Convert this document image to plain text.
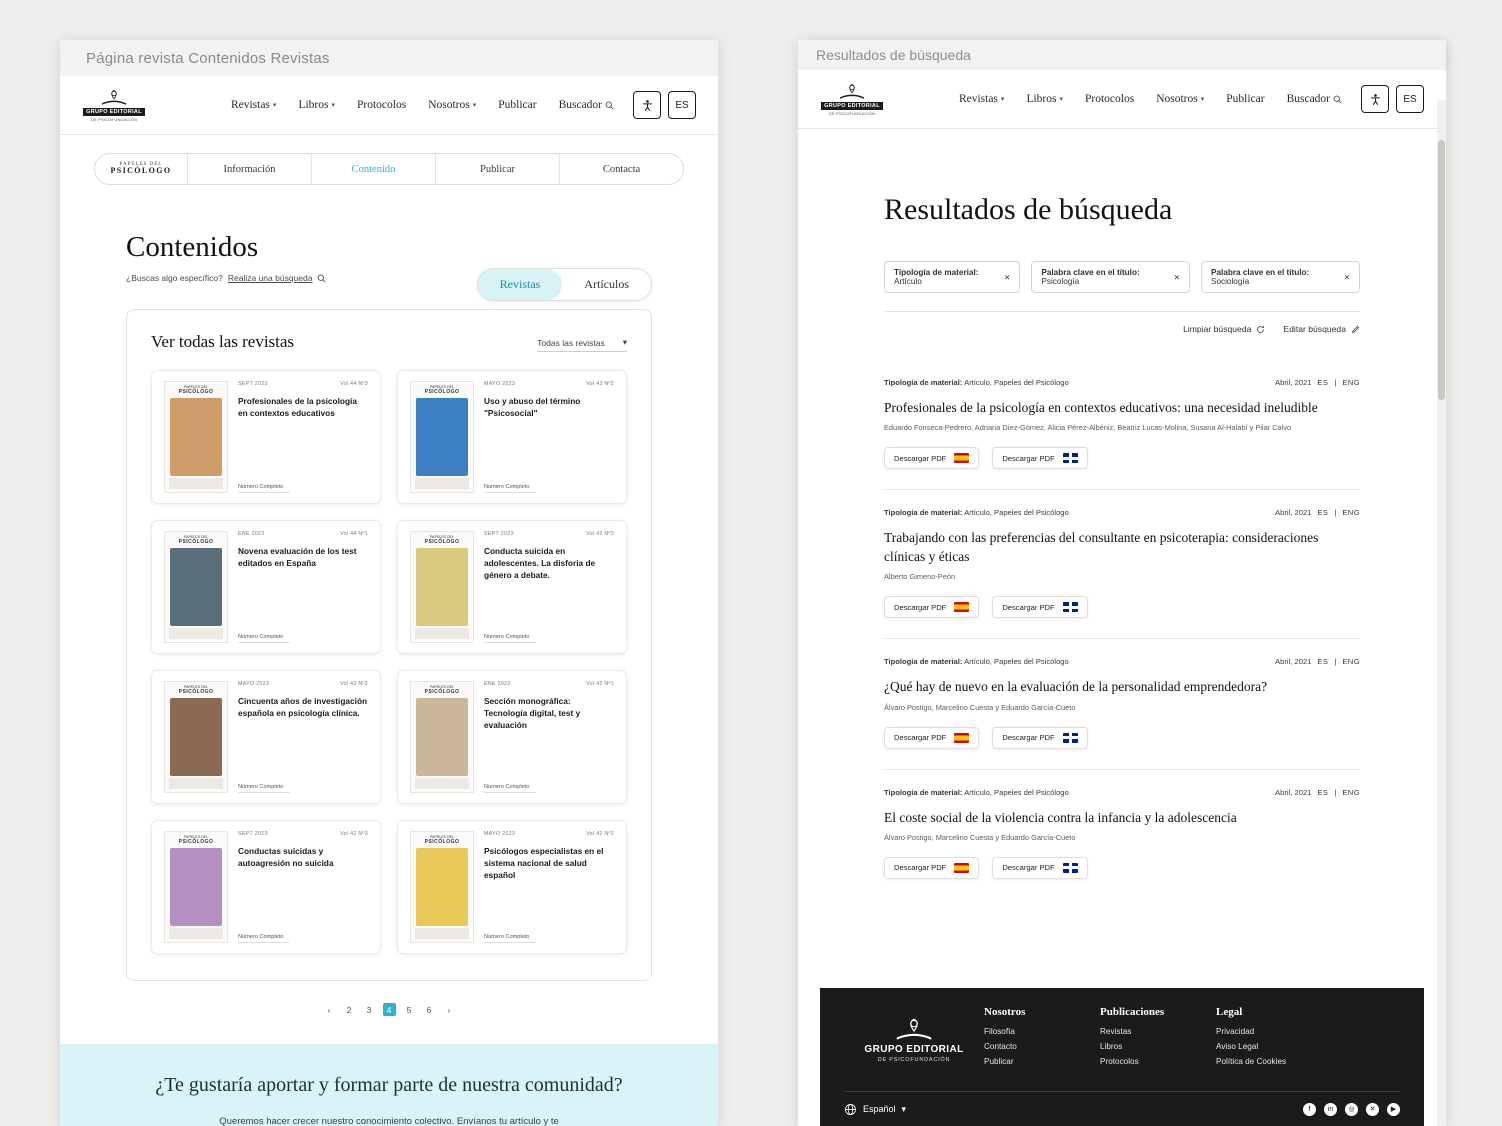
Página revista Contenidos Revistas
GRUPO EDITORIAL
DE PSICOFUNDACIÓN
Revistas ▾ Libros ▾ Protocolos Nosotros ▾ Publicar Buscador	ES
PAPELES DEL
PSICÓLOGO	Información	Contenido	Publicar	Contacta
Contenidos
¿Buscas algo específico? Realiza una búsqueda	Revistas	Artículos
Ver todas las revistas	Todas las revistas ▾
PAPELES DEL
PSICÓLOGO
SEPT 2023	Vol 44 Nº3
Profesionales de la psicología en contextos educativos
Número Completo
PAPELES DEL
PSICÓLOGO
MAYO 2023	Vol 43 Nº2
Uso y abuso del término "Psicosocial"
Número Completo
PAPELES DEL
PSICÓLOGO
ENE 2023	Vol 44 Nº1
Novena evaluación de los test editados en España
Número Completo
PAPELES DEL
PSICÓLOGO
SEPT 2023	Vol 43 Nº3
Conducta suicida en adolescentes. La disforia de género a debate.
Número Completo
PAPELES DEL
PSICÓLOGO
MAYO 2023	Vol 43 Nº2
Cincuenta años de investigación española en psicología clínica.
Número Completo
PAPELES DEL
PSICÓLOGO
ENE 2023	Vol 43 Nº1
Sección monográfica: Tecnología digital, test y evaluación
Número Completo
PAPELES DEL
PSICÓLOGO
SEPT 2023	Vol 42 Nº3
Conductas suicidas y autoagresión no suicida
Número Completo
PAPELES DEL
PSICÓLOGO
MAYO 2023	Vol 42 Nº2
Psicólogos especialistas en el sistema nacional de salud español
Número Completo
‹	2	3	4	5	6	›
¿Te gustaría aportar y formar parte de nuestra comunidad?

Queremos hacer crecer nuestro conocimiento colectivo. Envíanos tu artículo y te

Resultados de búsqueda
GRUPO EDITORIAL
DE PSICOFUNDACIÓN
Revistas ▾ Libros ▾ Protocolos Nosotros ▾ Publicar Buscador	ES
Resultados de búsqueda
Tipología de material: Artículo	✕	Palabra clave en el título: Psicología	✕	Palabra clave en el título: Sociología	✕
Limpiar búsqueda	Editar búsqueda
Tipología de material: Artículo, Papeles del Psicólogo	Abril, 2021 ES | ENG
Profesionales de la psicología en contextos educativos: una necesidad ineludible
Eduardo Fonseca-Pedrero, Adriana Díez-Gómez, Alicia Pérez-Albéniz, Beatriz Lucas-Molina, Susana Al-Halabí y Pilar Calvo
Descargar PDF	Descargar PDF
Tipología de material: Artículo, Papeles del Psicólogo	Abril, 2021 ES | ENG
Trabajando con las preferencias del consultante en psicoterapia: consideraciones clínicas y éticas
Alberto Gimeno-Peón
Descargar PDF	Descargar PDF
Tipología de material: Artículo, Papeles del Psicólogo	Abril, 2021 ES | ENG
¿Qué hay de nuevo en la evaluación de la personalidad emprendedora?
Álvaro Postigo, Marcelino Cuesta y Eduardo García-Cueto
Descargar PDF	Descargar PDF
Tipología de material: Artículo, Papeles del Psicólogo	Abril, 2021 ES | ENG
El coste social de la violencia contra la infancia y la adolescencia
Álvaro Postigo, Marcelino Cuesta y Eduardo García-Cueto
Descargar PDF	Descargar PDF
GRUPO EDITORIAL
DE PSICOFUNDACIÓN
Nosotros
Filosofía
Contacto
Publicar
Publicaciones
Revistas
Libros
Protocolos
Legal
Privacidad
Aviso Legal
Política de Cookies
Español ▾	f	in	◎	✕	▶
